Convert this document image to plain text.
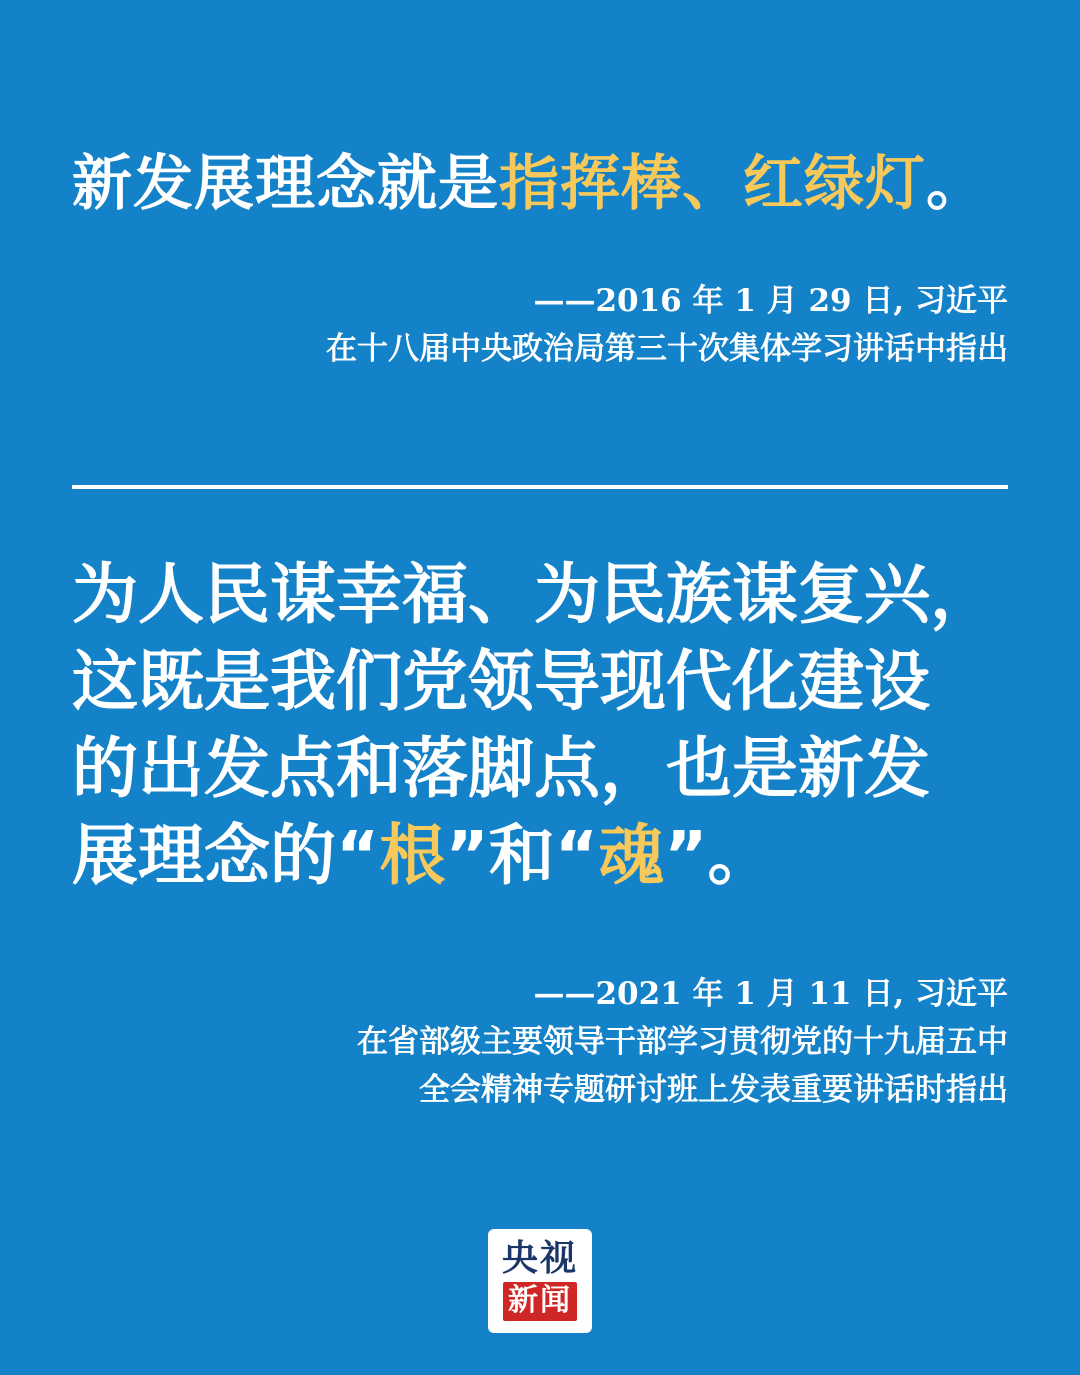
新发展理念就是指挥棒、红绿灯。
——2016 年 1 月 29 日, 习近平
在十八届中央政治局第三十次集体学习讲话中指出
为人民谋幸福、为民族谋复兴，
这既是我们党领导现代化建设
的出发点和落脚点，也是新发
展理念的“根”和“魂”。
——2021 年 1 月 11 日, 习近平
在省部级主要领导干部学习贯彻党的十九届五中
全会精神专题研讨班上发表重要讲话时指出
央视
新闻
